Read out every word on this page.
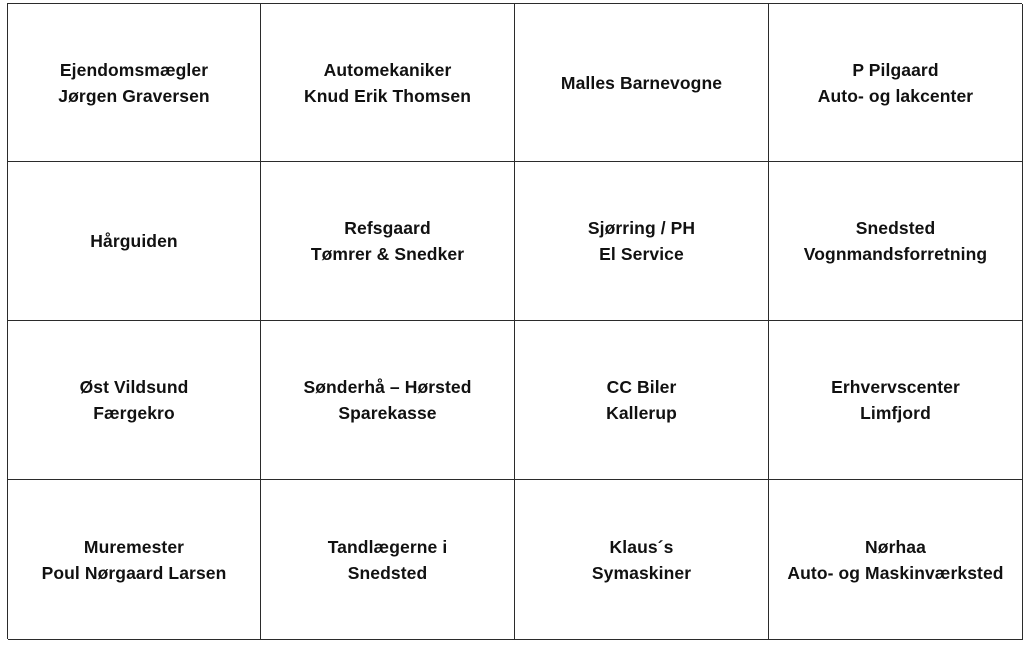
Ejendomsmægler
Jørgen Graversen
Automekaniker
Knud Erik Thomsen
Malles Barnevogne
P Pilgaard
Auto- og lakcenter
Hårguiden
Refsgaard
Tømrer & Snedker
Sjørring / PH
El Service
Snedsted
Vognmandsforretning
Øst Vildsund
Færgekro
Sønderhå – Hørsted
Sparekasse
CC Biler
Kallerup
Erhvervscenter
Limfjord
Muremester
Poul Nørgaard Larsen
Tandlægerne i
Snedsted
Klaus´s
Symaskiner
Nørhaa
Auto- og Maskinværksted
